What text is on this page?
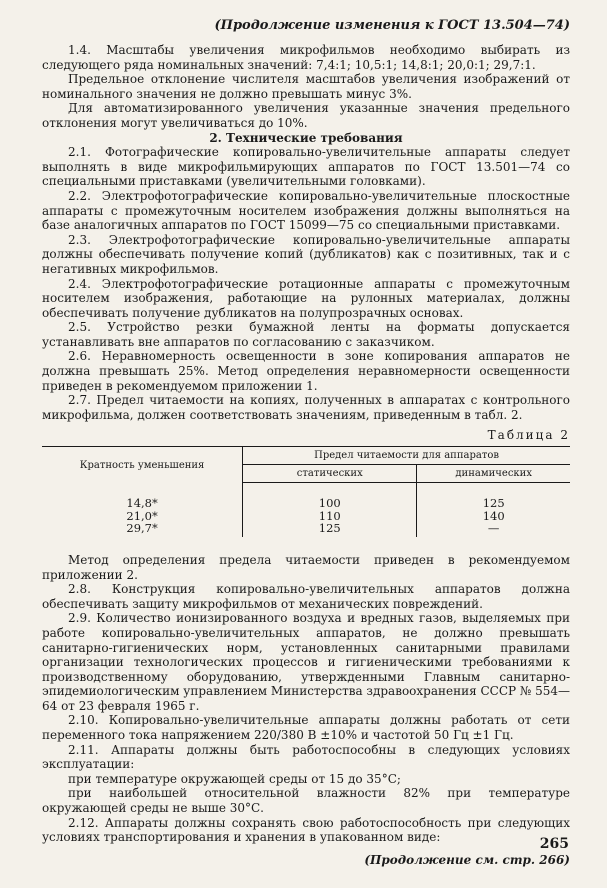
(Продолжение изменения к ГОСТ 13.504—74)

1.4. Масштабы увеличения микрофильмов необходимо выбирать из следующего ряда номинальных значений: 7,4:1; 10,5:1; 14,8:1; 20,0:1; 29,7:1.

Предельное отклонение числителя масштабов увеличения изображений от номинального значения не должно превышать минус 3%.

Для автоматизированного увеличения указанные значения предельного отклонения могут увеличиваться до 10%.

2. Технические требования

2.1. Фотографические копировально-увеличительные аппараты следует выполнять в виде микрофильмирующих аппаратов по ГОСТ 13.501—74 со специальными приставками (увеличительными головками).

2.2. Электрофотографические копировально-увеличительные плоскостные аппараты с промежуточным носителем изображения должны выполняться на базе аналогичных аппаратов по ГОСТ 15099—75 со специальными приставками.

2.3. Электрофотографические копировально-увеличительные аппараты должны обеспечивать получение копий (дубликатов) как с позитивных, так и с негативных микрофильмов.

2.4. Электрофотографические ротационные аппараты с промежуточным носителем изображения, работающие на рулонных материалах, должны обеспечивать получение дубликатов на полупрозрачных основах.

2.5. Устройство резки бумажной ленты на форматы допускается устанавливать вне аппаратов по согласованию с заказчиком.

2.6. Неравномерность освещенности в зоне копирования аппаратов не должна превышать 25%. Метод определения неравномерности освещенности приведен в рекомендуемом приложении 1.

2.7. Предел читаемости на копиях, полученных в аппаратах с контрольного микрофильма, должен соответствовать значениям, приведенным в табл. 2.

Таблица 2
Кратность уменьшения	Предел читаемости для аппаратов	
	статических	динамических
14,8*	100	125
21,0*	110	140
29,7*	125	—

Метод определения предела читаемости приведен в рекомендуемом приложении 2.

2.8. Конструкция копировально-увеличительных аппаратов должна обеспечивать защиту микрофильмов от механических повреждений.

2.9. Количество ионизированного воздуха и вредных газов, выделяемых при работе копировально-увеличительных аппаратов, не должно превышать санитарно-гигиенических норм, установленных санитарными правилами организации технологических процессов и гигиеническими требованиями к производственному оборудованию, утвержденными Главным санитарно-эпидемиологическим управлением Министерства здравоохранения СССР № 554—64 от 23 февраля 1965 г.

2.10. Копировально-увеличительные аппараты должны работать от сети переменного тока напряжением 220/380 В ±10% и частотой 50 Гц ±1 Гц.

2.11. Аппараты должны быть работоспособны в следующих условиях эксплуатации:

при температуре окружающей среды от 15 до 35°С;

при наибольшей относительной влажности 82% при температуре окружающей среды не выше 30°С.

2.12. Аппараты должны сохранять свою работоспособность при следующих условиях транспортирования и хранения в упакованном виде:

(Продолжение см. стр. 266)
265
